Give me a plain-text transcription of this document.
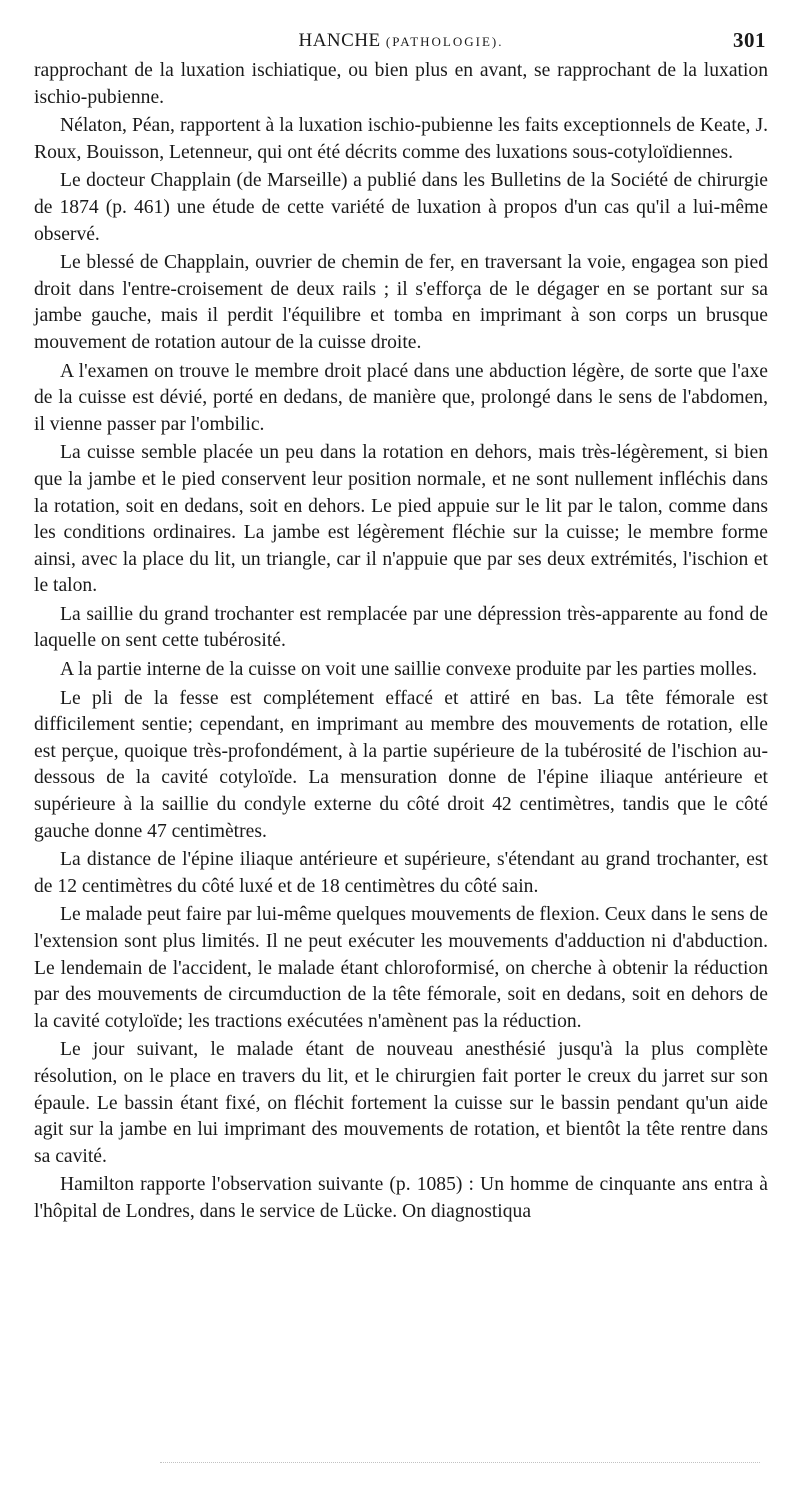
HANCHE (PATHOLOGIE).	301

rapprochant de la luxation ischiatique, ou bien plus en avant, se rapprochant de la luxation ischio-pubienne.

Nélaton, Péan, rapportent à la luxation ischio-pubienne les faits exceptionnels de Keate, J. Roux, Bouisson, Letenneur, qui ont été décrits comme des luxations sous-cotyloïdiennes.

Le docteur Chapplain (de Marseille) a publié dans les Bulletins de la Société de chirurgie de 1874 (p. 461) une étude de cette variété de luxation à propos d'un cas qu'il a lui-même observé.

Le blessé de Chapplain, ouvrier de chemin de fer, en traversant la voie, engagea son pied droit dans l'entre-croisement de deux rails ; il s'efforça de le dégager en se portant sur sa jambe gauche, mais il perdit l'équilibre et tomba en imprimant à son corps un brusque mouvement de rotation autour de la cuisse droite.

A l'examen on trouve le membre droit placé dans une abduction légère, de sorte que l'axe de la cuisse est dévié, porté en dedans, de manière que, prolongé dans le sens de l'abdomen, il vienne passer par l'ombilic.

La cuisse semble placée un peu dans la rotation en dehors, mais très-légèrement, si bien que la jambe et le pied conservent leur position normale, et ne sont nullement infléchis dans la rotation, soit en dedans, soit en dehors. Le pied appuie sur le lit par le talon, comme dans les conditions ordinaires. La jambe est légèrement fléchie sur la cuisse; le membre forme ainsi, avec la place du lit, un triangle, car il n'appuie que par ses deux extrémités, l'ischion et le talon.

La saillie du grand trochanter est remplacée par une dépression très-apparente au fond de laquelle on sent cette tubérosité.

A la partie interne de la cuisse on voit une saillie convexe produite par les parties molles.

Le pli de la fesse est complétement effacé et attiré en bas. La tête fémorale est difficilement sentie; cependant, en imprimant au membre des mouvements de rotation, elle est perçue, quoique très-profondément, à la partie supérieure de la tubérosité de l'ischion au-dessous de la cavité cotyloïde. La mensuration donne de l'épine iliaque antérieure et supérieure à la saillie du condyle externe du côté droit 42 centimètres, tandis que le côté gauche donne 47 centimètres.

La distance de l'épine iliaque antérieure et supérieure, s'étendant au grand trochanter, est de 12 centimètres du côté luxé et de 18 centimètres du côté sain.

Le malade peut faire par lui-même quelques mouvements de flexion. Ceux dans le sens de l'extension sont plus limités. Il ne peut exécuter les mouvements d'adduction ni d'abduction. Le lendemain de l'accident, le malade étant chloroformisé, on cherche à obtenir la réduction par des mouvements de circumduction de la tête fémorale, soit en dedans, soit en dehors de la cavité cotyloïde; les tractions exécutées n'amènent pas la réduction.

Le jour suivant, le malade étant de nouveau anesthésié jusqu'à la plus complète résolution, on le place en travers du lit, et le chirurgien fait porter le creux du jarret sur son épaule. Le bassin étant fixé, on fléchit fortement la cuisse sur le bassin pendant qu'un aide agit sur la jambe en lui imprimant des mouvements de rotation, et bientôt la tête rentre dans sa cavité.

Hamilton rapporte l'observation suivante (p. 1085) : Un homme de cinquante ans entra à l'hôpital de Londres, dans le service de Lücke. On diagnostiqua
